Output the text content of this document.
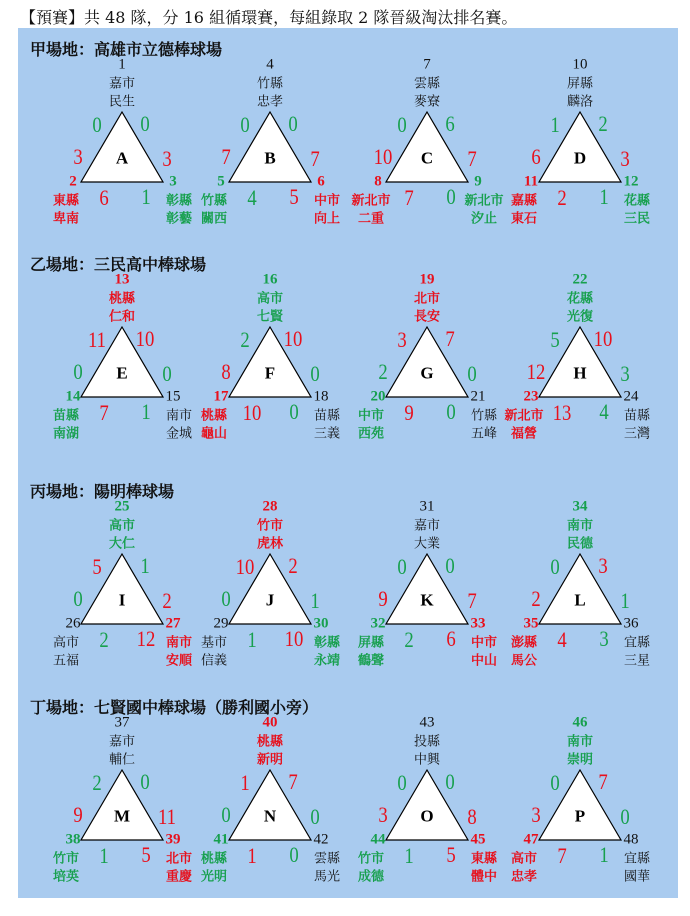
【預賽】共 48 隊，分 16 組循環賽，每組錄取 2 隊晉級淘汰排名賽。
甲場地：高雄市立德棒球場
A
1
嘉市
民生
2
東縣
卑南
3
彰縣
彰藝
0
3
0
3
6 1
B
4
竹縣
忠孝
5
竹縣
關西
6
中市
向上
0
7
0
7
4 5
C
7
雲縣
麥寮
8
新北市
二重
9
新北市
汐止
0
10
6
7
7 0
D
10
屏縣
麟洛
11
嘉縣
東石
12
花縣
三民
1
6
2
3
2 1
乙場地：三民高中棒球場
E
13
桃縣
仁和
14
苗縣
南湖
15
南市
金城
11
0
10
0
7 1
F
16
高市
七賢
17
桃縣
龜山
18
苗縣
三義
2
8
10
0
10 0
G
19
北市
長安
20
中市
西苑
21
竹縣
五峰
3
2
7
0
9 0
H
22
花縣
光復
23
新北市
福營
24
苗縣
三灣
5
12
10
3
13 4
丙場地：陽明棒球場
I
25
高市
大仁
26
高市
五福
27
南市
安順
5
0
1
2
2 12
J
28
竹市
虎林
29
基市
信義
30
彰縣
永靖
10
0
2
1
1 10
K
31
嘉市
大業
32
屏縣
鶴聲
33
中市
中山
0
9
0
7
2 6
L
34
南市
民德
35
澎縣
馬公
36
宜縣
三星
0
2
3
1
4 3
丁場地：七賢國中棒球場（勝利國小旁）
M
37
嘉市
輔仁
38
竹市
培英
39
北市
重慶
2
9
0
11
1 5
N
40
桃縣
新明
41
桃縣
光明
42
雲縣
馬光
1
0
7
0
1 0
O
43
投縣
中興
44
竹市
成德
45
東縣
體中
0
3
0
8
1 5
P
46
南市
崇明
47
高市
忠孝
48
宜縣
國華
0
3
7
0
7 1
